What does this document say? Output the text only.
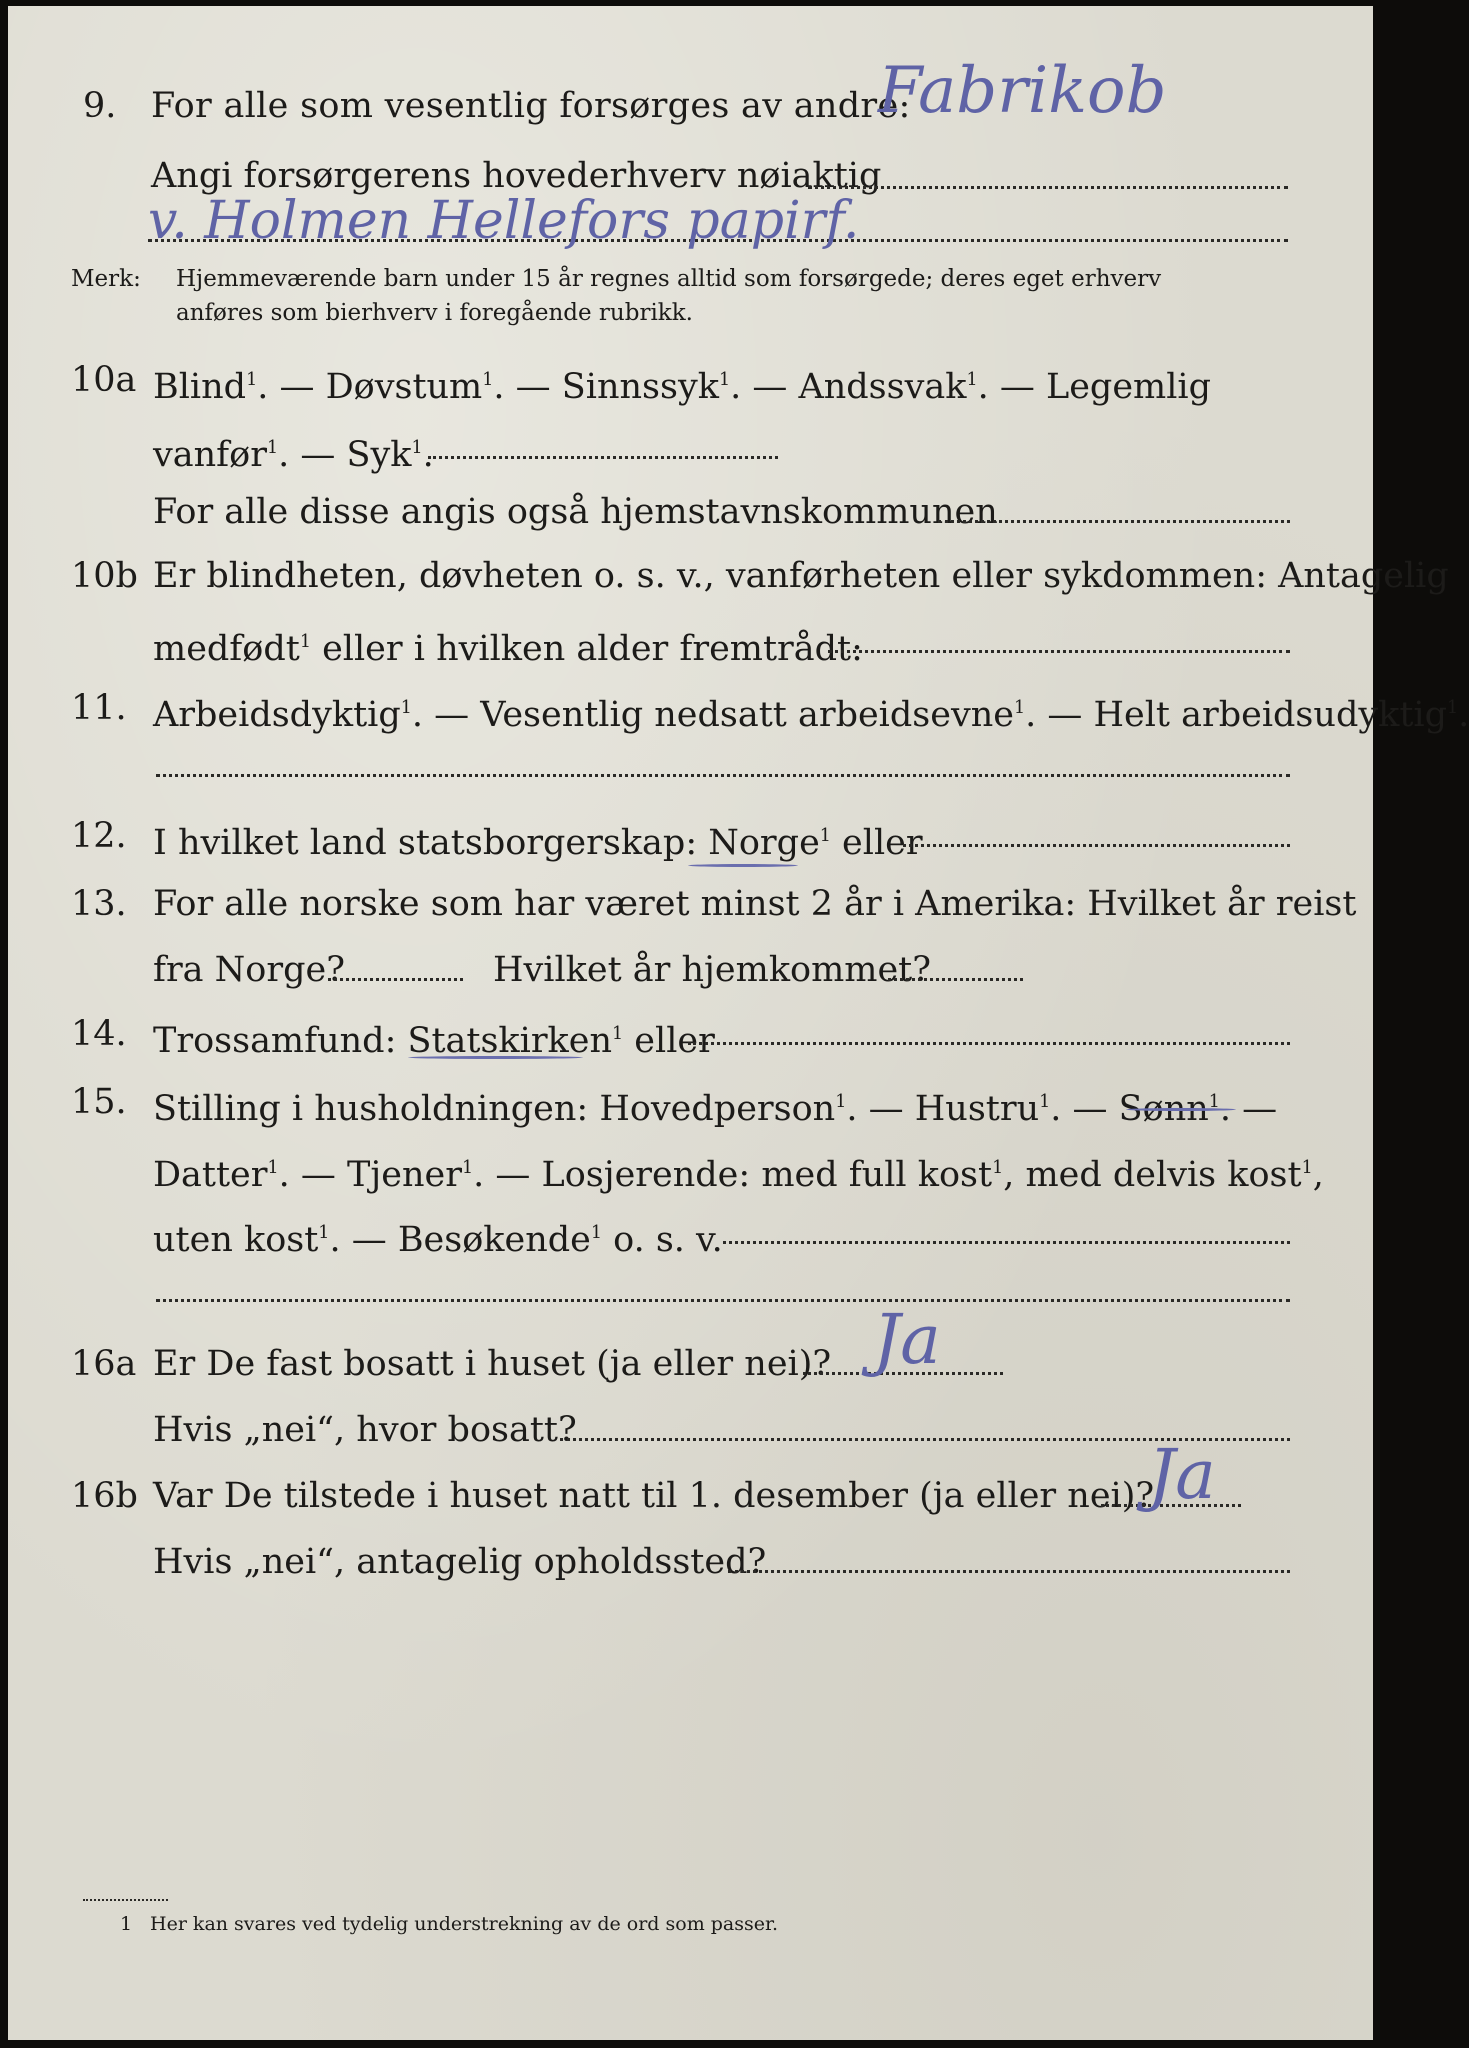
9. For alle som vesentlig forsørges av andre:
Angi forsørgerens hovederhverv nøiaktig
Fabrikob
v. Holmen Hellefors papirf.
Merk: Hjemmeværende barn under 15 år regnes alltid som forsørgede; deres eget erhverv
anføres som bierhverv i foregående rubrikk.
10a Blind$^1$. — Døvstum$^1$. — Sinnssyk$^1$. — Andssvak$^1$. — Legemlig
vanfør$^1$. — Syk$^1$.
For alle disse angis også hjemstavnskommunen
10b Er blindheten, døvheten o. s. v., vanførheten eller sykdommen: Antagelig
medfødt$^1$ eller i hvilken alder fremtrådt:
11. Arbeidsdyktig$^1$. — Vesentlig nedsatt arbeidsevne$^1$. — Helt arbeidsudyktig$^1$.
12. I hvilket land statsborgerskap: Norge$^1$ eller
13. For alle norske som har været minst 2 år i Amerika: Hvilket år reist
fra Norge?	Hvilket år hjemkommet?
14. Trossamfund: Statskirken$^1$ eller
15. Stilling i husholdningen: Hovedperson$^1$. — Hustru$^1$. — Sønn$^1$. —
Datter$^1$. — Tjener$^1$. — Losjerende: med full kost$^1$, med delvis kost$^1$,
uten kost$^1$. — Besøkende$^1$ o. s. v.
16a Er De fast bosatt i huset (ja eller nei)? Ja
Hvis „nei“, hvor bosatt?
16b Var De tilstede i huset natt til 1. desember (ja eller nei)?
Ja
Hvis „nei“, antagelig opholdssted?
1 Her kan svares ved tydelig understrekning av de ord som passer.
